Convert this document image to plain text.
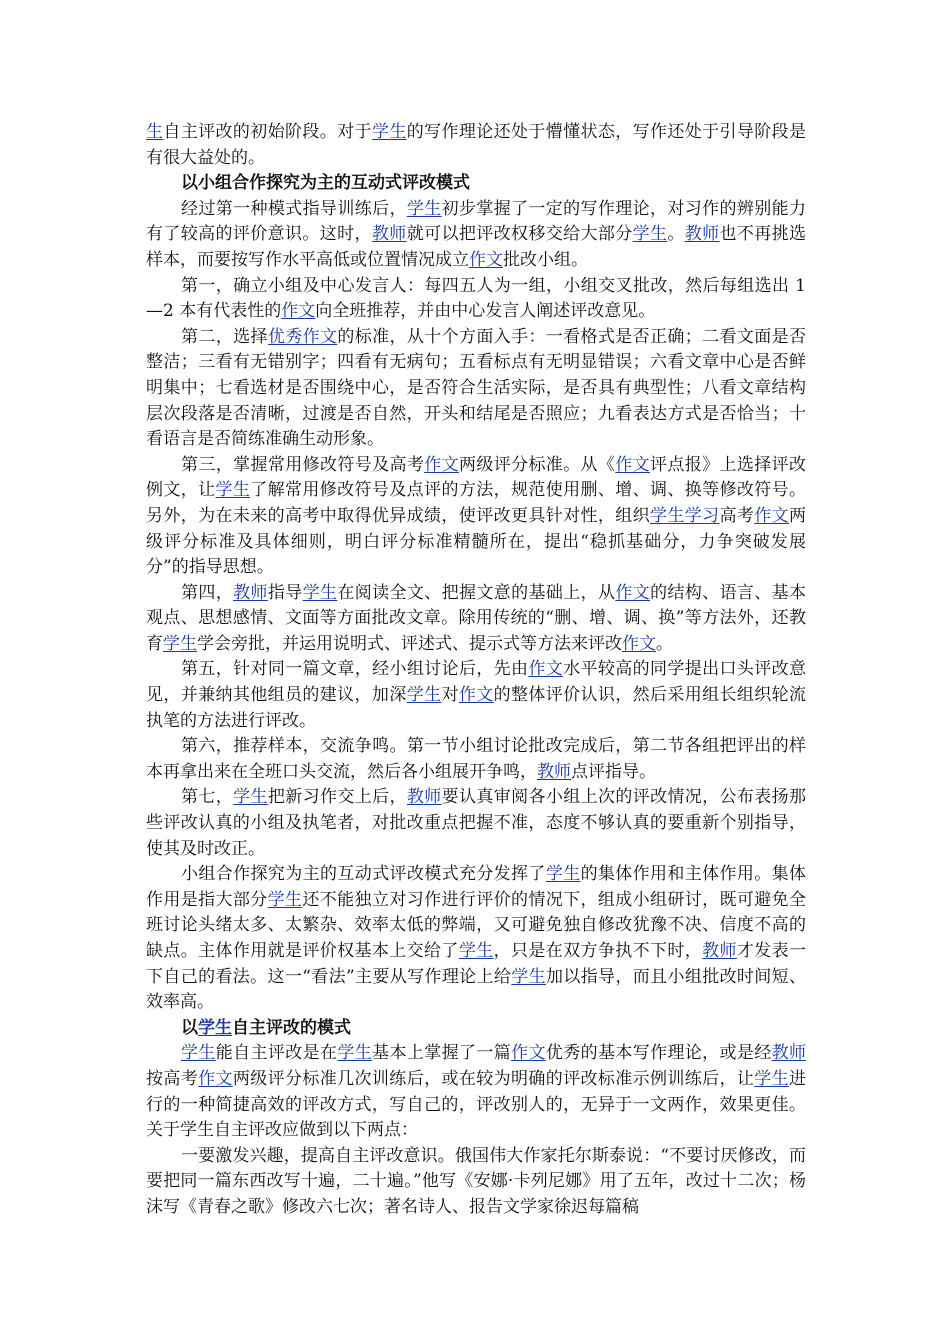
生自主评改的初始阶段。对于学生的写作理论还处于懵懂状态，写作还处于引导阶段是有很大益处的。
以小组合作探究为主的互动式评改模式
经过第一种模式指导训练后，学生初步掌握了一定的写作理论，对习作的辨别能力有了较高的评价意识。这时，教师就可以把评改权移交给大部分学生。教师也不再挑选样本，而要按写作水平高低或位置情况成立作文批改小组。
第一，确立小组及中心发言人：每四五人为一组，小组交叉批改，然后每组选出 1—2 本有代表性的作文向全班推荐，并由中心发言人阐述评改意见。
第二，选择优秀作文的标准，从十个方面入手：一看格式是否正确；二看文面是否整洁；三看有无错别字；四看有无病句；五看标点有无明显错误；六看文章中心是否鲜明集中；七看选材是否围绕中心，是否符合生活实际，是否具有典型性；八看文章结构层次段落是否清晰，过渡是否自然，开头和结尾是否照应；九看表达方式是否恰当；十看语言是否简练准确生动形象。
第三，掌握常用修改符号及高考作文两级评分标准。从《作文评点报》上选择评改例文，让学生了解常用修改符号及点评的方法，规范使用删、增、调、换等修改符号。另外，为在未来的高考中取得优异成绩，使评改更具针对性，组织学生学习高考作文两级评分标准及具体细则，明白评分标准精髓所在，提出“稳抓基础分，力争突破发展分”的指导思想。
第四，教师指导学生在阅读全文、把握文意的基础上，从作文的结构、语言、基本观点、思想感情、文面等方面批改文章。除用传统的“删、增、调、换”等方法外，还教育学生学会旁批，并运用说明式、评述式、提示式等方法来评改作文。
第五，针对同一篇文章，经小组讨论后，先由作文水平较高的同学提出口头评改意见，并兼纳其他组员的建议，加深学生对作文的整体评价认识，然后采用组长组织轮流执笔的方法进行评改。
第六，推荐样本，交流争鸣。第一节小组讨论批改完成后，第二节各组把评出的样本再拿出来在全班口头交流，然后各小组展开争鸣，教师点评指导。
第七，学生把新习作交上后，教师要认真审阅各小组上次的评改情况，公布表扬那些评改认真的小组及执笔者，对批改重点把握不准，态度不够认真的要重新个别指导，使其及时改正。
小组合作探究为主的互动式评改模式充分发挥了学生的集体作用和主体作用。集体作用是指大部分学生还不能独立对习作进行评价的情况下，组成小组研讨，既可避免全班讨论头绪太多、太繁杂、效率太低的弊端，又可避免独自修改犹豫不决、信度不高的缺点。主体作用就是评价权基本上交给了学生，只是在双方争执不下时，教师才发表一下自己的看法。这一“看法”主要从写作理论上给学生加以指导，而且小组批改时间短、效率高。
以学生自主评改的模式
学生能自主评改是在学生基本上掌握了一篇作文优秀的基本写作理论，或是经教师按高考作文两级评分标准几次训练后，或在较为明确的评改标准示例训练后，让学生进行的一种简捷高效的评改方式，写自己的，评改别人的，无异于一文两作，效果更佳。关于学生自主评改应做到以下两点：
一要激发兴趣，提高自主评改意识。俄国伟大作家托尔斯泰说：“不要讨厌修改，而要把同一篇东西改写十遍，二十遍。”他写《安娜·卡列尼娜》用了五年，改过十二次；杨沫写《青春之歌》修改六七次；著名诗人、报告文学家徐迟每篇稿
